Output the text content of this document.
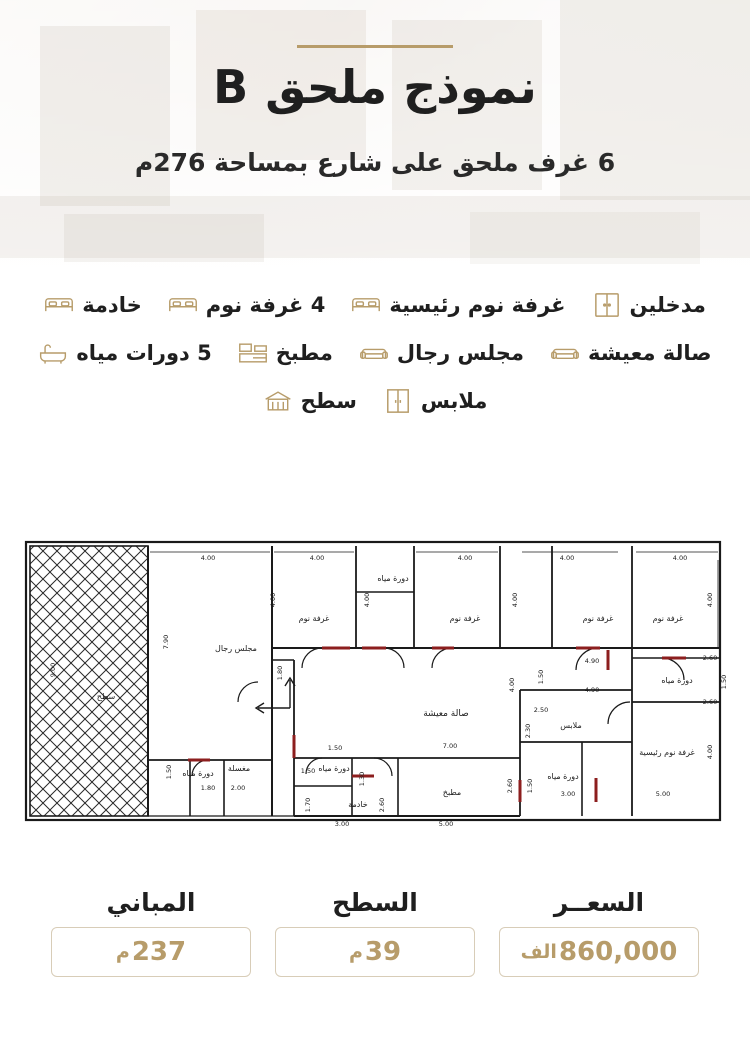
نموذج ملحق B
6 غرف ملحق على شارع بمساحة 276م
مدخلين
غرفة نوم رئيسية
4 غرفة نوم
خادمة
صالة معيشة
مجلس رجال
مطبخ
5 دورات مياه
ملابس
سطح
سطح
مجلس رجال
غرفة نوم
دورة مياه
غرفة نوم	غرفة نوم	غرفة نوم
دورة مياه
صالة معيشة
ملابس
غرفة نوم رئيسية
دورة مياه
مطبخ
خادمة
دورة مياه
دورة مياه
مغسلة
4.00	4.00	4.00	4.00	4.00
4.00	4.00	4.00	4.00
7.90
9.00
4.90
4.90
2.60
2.60
1.50
4.00
1.50
1.80
7.00
1.50
1.50
1.30
2.50
2.30
2.60 1.50
3.00	5.00
4.00
1.50
1.80 2.00
1.70	2.60
3.00	5.00
السعــر
860,000
الف
السطح
39
م
المباني
237
م
